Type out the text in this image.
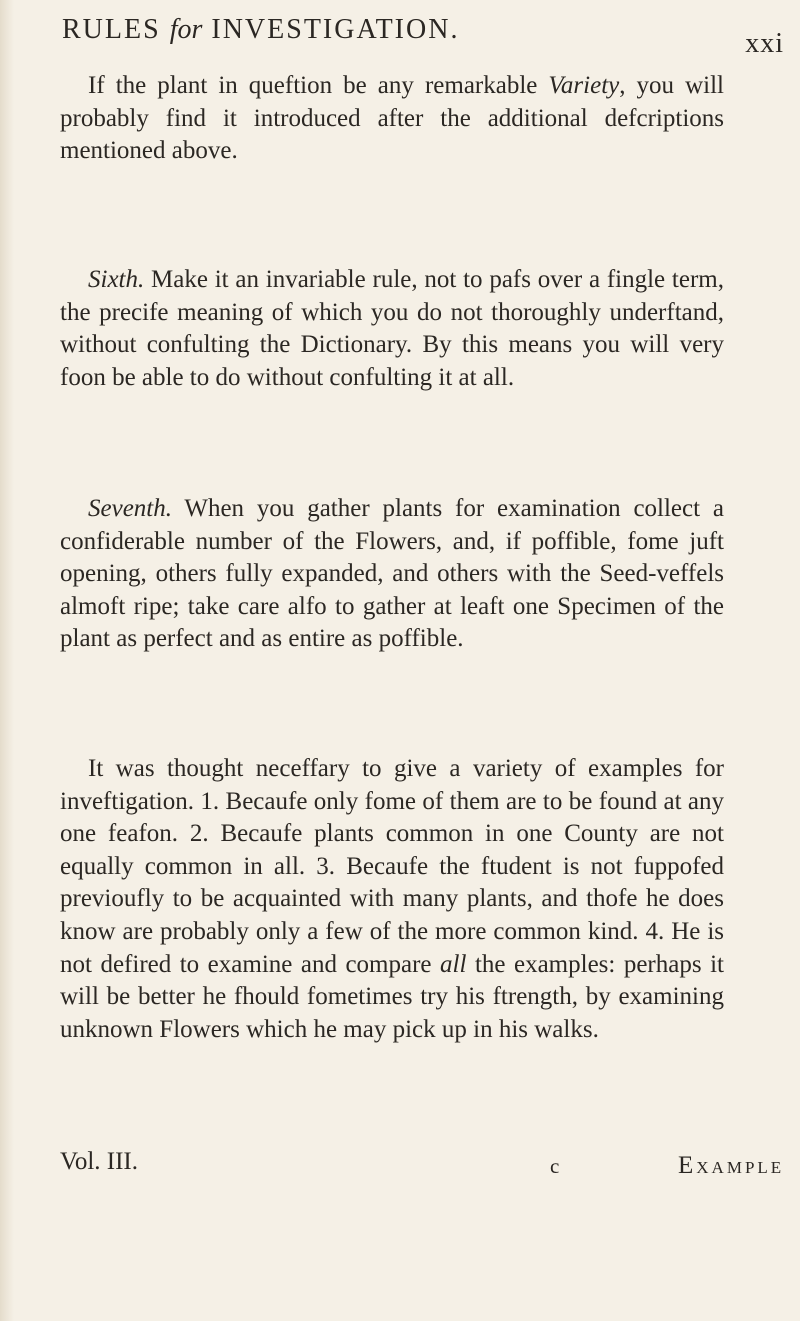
RULES for INVESTIGATION.	xxi

If the plant in queftion be any remarkable Variety, you will probably find it introduced after the additional defcriptions mentioned above.

Sixth. Make it an invariable rule, not to pafs over a fingle term, the precife meaning of which you do not thoroughly underftand, without confulting the Dictionary. By this means you will very foon be able to do without confulting it at all.

Seventh. When you gather plants for examination collect a confiderable number of the Flowers, and, if poffible, fome juft opening, others fully expanded, and others with the Seed-veffels almoft ripe; take care alfo to gather at leaft one Specimen of the plant as perfect and as entire as poffible.

It was thought neceffary to give a variety of examples for inveftigation. 1. Becaufe only fome of them are to be found at any one feafon. 2. Becaufe plants common in one County are not equally common in all. 3. Becaufe the ftudent is not fuppofed previoufly to be acquainted with many plants, and thofe he does know are probably only a few of the more common kind. 4. He is not defired to examine and compare all the examples: perhaps it will be better he fhould fometimes try his ftrength, by examining unknown Flowers which he may pick up in his walks.

Vol. III.	c	EXAMPLE
